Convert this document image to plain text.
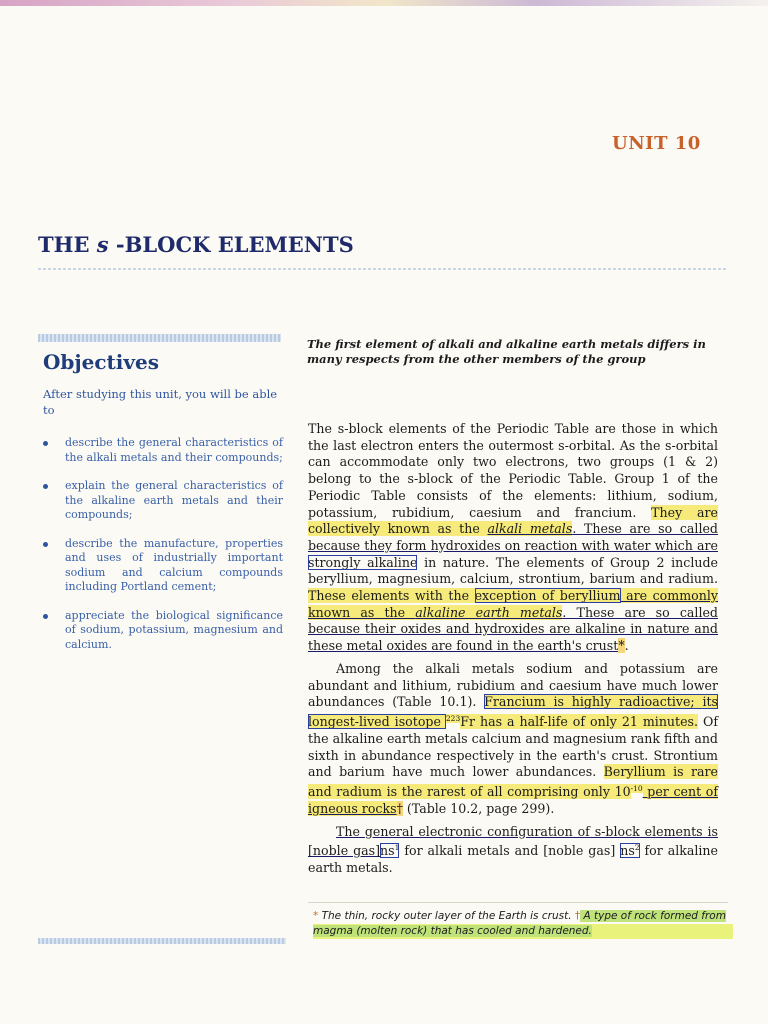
UNIT 10
THE s -BLOCK ELEMENTS
Objectives
After studying this unit, you will be able to
describe the general characteristics of the alkali metals and their compounds;
explain the general characteristics of the alkaline earth metals and their compounds;
describe the manufacture, properties and uses of industrially important sodium and calcium compounds including Portland cement;
appreciate the biological significance of sodium, potassium, magnesium and calcium.
The first element of alkali and alkaline earth metals differs in many respects from the other members of the group

The s-block elements of the Periodic Table are those in which the last electron enters the outermost s-orbital. As the s-orbital can accommodate only two electrons, two groups (1 & 2) belong to the s-block of the Periodic Table. Group 1 of the Periodic Table consists of the elements: lithium, sodium, potassium, rubidium, caesium and francium. They are collectively known as the alkali metals. These are so called because they form hydroxides on reaction with water which are strongly alkaline in nature. The elements of Group 2 include beryllium, magnesium, calcium, strontium, barium and radium. These elements with the exception of beryllium are commonly known as the alkaline earth metals. These are so called because their oxides and hydroxides are alkaline in nature and these metal oxides are found in the earth's crust*.

Among the alkali metals sodium and potassium are abundant and lithium, rubidium and caesium have much lower abundances (Table 10.1). Francium is highly radioactive; its longest-lived isotope $^{223}$Fr has a half-life of only 21 minutes. Of the alkaline earth metals calcium and magnesium rank fifth and sixth in abundance respectively in the earth's crust. Strontium and barium have much lower abundances. Beryllium is rare and radium is the rarest of all comprising only $10^{-10}$ per cent of igneous rocks† (Table 10.2, page 299).

The general electronic configuration of s-block elements is [noble $gas]ns^1$ for alkali metals and [noble gas] $ns^2$ for alkaline earth metals.

* The thin, rocky outer layer of the Earth is crust. † A type of rock formed from magma (molten rock) that has cooled and hardened.
